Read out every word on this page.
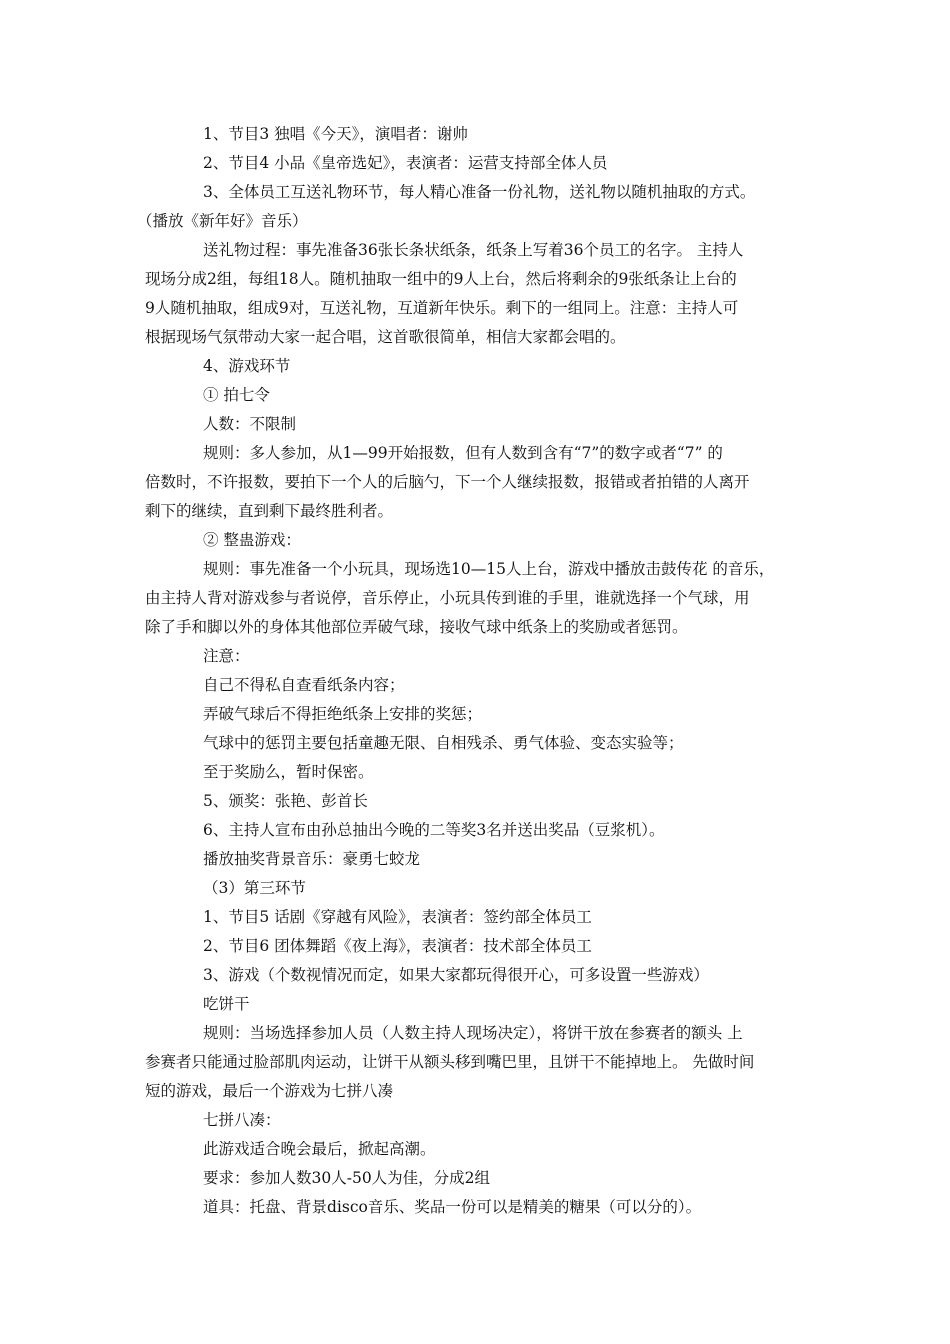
1、节目3 独唱《今天》，演唱者：谢帅
2、节目4 小品《皇帝选妃》，表演者：运营支持部全体人员
3、全体员工互送礼物环节，每人精心准备一份礼物，送礼物以随机抽取的方式。
（播放《新年好》音乐）
送礼物过程：事先准备36张长条状纸条，纸条上写着36个员工的名字。 主持人
现场分成2组，每组18人。随机抽取一组中的9人上台，然后将剩余的9张纸条让上台的
9人随机抽取，组成9对，互送礼物，互道新年快乐。剩下的一组同上。注意：主持人可
根据现场气氛带动大家一起合唱，这首歌很简单，相信大家都会唱的。
4、游戏环节
① 拍七令
人数：不限制
规则：多人参加，从1—99开始报数，但有人数到含有“7”的数字或者“7” 的
倍数时，不许报数，要拍下一个人的后脑勺，下一个人继续报数，报错或者拍错的人离开
剩下的继续，直到剩下最终胜利者。
② 整蛊游戏：
规则：事先准备一个小玩具，现场选10—15人上台，游戏中播放击鼓传花 的音乐，
由主持人背对游戏参与者说停，音乐停止，小玩具传到谁的手里，谁就选择一个气球，用
除了手和脚以外的身体其他部位弄破气球，接收气球中纸条上的奖励或者惩罚。
注意：
自己不得私自查看纸条内容；
弄破气球后不得拒绝纸条上安排的奖惩；
气球中的惩罚主要包括童趣无限、自相残杀、勇气体验、变态实验等；
至于奖励么，暂时保密。
5、颁奖：张艳、彭首长
6、主持人宣布由孙总抽出今晚的二等奖3名并送出奖品（豆浆机）。
播放抽奖背景音乐：豪勇七蛟龙
（3）第三环节
1、节目5 话剧《穿越有风险》，表演者：签约部全体员工
2、节目6 团体舞蹈《夜上海》，表演者：技术部全体员工
3、游戏（个数视情况而定，如果大家都玩得很开心，可多设置一些游戏）
吃饼干
规则：当场选择参加人员（人数主持人现场决定），将饼干放在参赛者的额头 上
参赛者只能通过脸部肌肉运动，让饼干从额头移到嘴巴里，且饼干不能掉地上。 先做时间
短的游戏，最后一个游戏为七拼八凑
七拼八凑：
此游戏适合晚会最后，掀起高潮。
要求：参加人数30人-50人为佳，分成2组
道具：托盘、背景disco音乐、奖品一份可以是精美的糖果（可以分的）。
